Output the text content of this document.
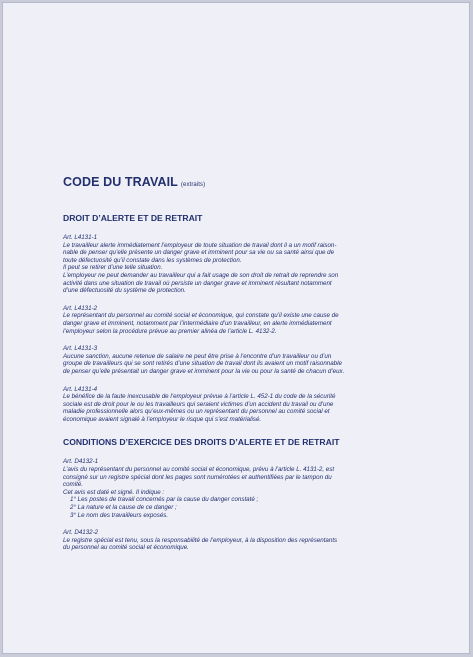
CODE DU TRAVAIL (extraits)
DROIT D’ALERTE ET DE RETRAIT
Art. L4131-1
Le travailleur alerte immédiatement l’employeur de toute situation de travail dont il a un motif raison-
nable de penser qu’elle présente un danger grave et imminent pour sa vie ou sa santé ainsi que de
toute défectuosité qu’il constate dans les systèmes de protection.
Il peut se retirer d’une telle situation.
L’employeur ne peut demander au travailleur qui a fait usage de son droit de retrait de reprendre son
activité dans une situation de travail où persiste un danger grave et imminent résultant notamment
d’une défectuosité du système de protection.
Art. L4131-2
Le représentant du personnel au comité social et économique, qui constate qu’il existe une cause de
danger grave et imminent, notamment par l’intermédiaire d’un travailleur, en alerte immédiatement
l’employeur selon la procédure prévue au premier alinéa de l’article L. 4132-2.
Art. L4131-3
Aucune sanction, aucune retenue de salaire ne peut être prise à l’encontre d’un travailleur ou d’un
groupe de travailleurs qui se sont retirés d’une situation de travail dont ils avaient un motif raisonnable
de penser qu’elle présentait un danger grave et imminent pour la vie ou pour la santé de chacun d’eux.
Art. L4131-4
Le bénéfice de la faute inexcusable de l’employeur prévue à l’article L. 452-1 du code de la sécurité
sociale est de droit pour le ou les travailleurs qui seraient victimes d’un accident du travail ou d’une
maladie professionnelle alors qu’eux-mêmes ou un représentant du personnel au comité social et
économique avaient signalé à l’employeur le risque qui s’est matérialisé.
CONDITIONS D’EXERCICE DES DROITS D’ALERTE ET DE RETRAIT
Art. D4132-1
L’avis du représentant du personnel au comité social et économique, prévu à l’article L. 4131-2, est
consigné sur un registre spécial dont les pages sont numérotées et authentifiées par le tampon du
comité.
Cet avis est daté et signé. Il indique :
1° Les postes de travail concernés par la cause du danger constaté ;
2° La nature et la cause de ce danger ;
3° Le nom des travailleurs exposés.
Art. D4132-2
Le registre spécial est tenu, sous la responsabilité de l’employeur, à la disposition des représentants
du personnel au comité social et économique.
